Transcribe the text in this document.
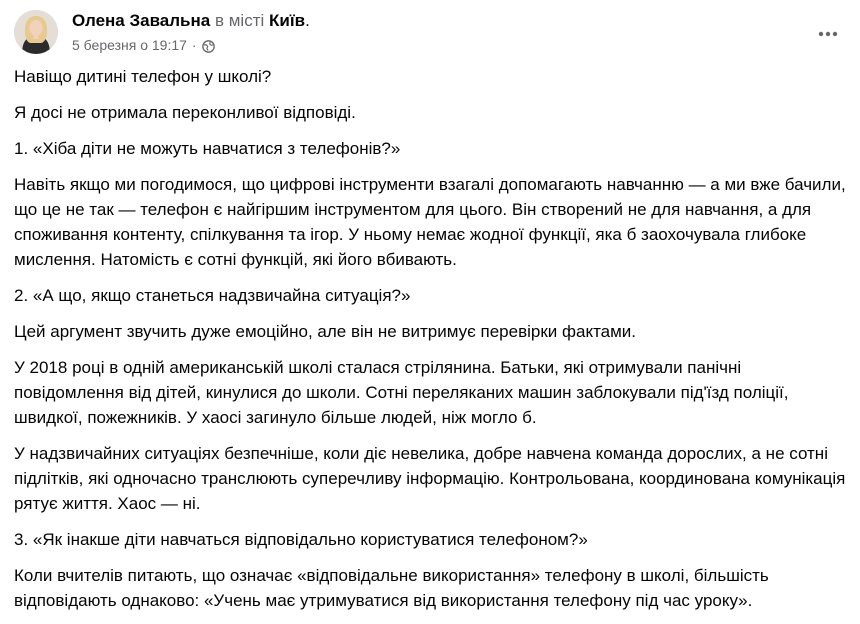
Олена Завальна в місті Київ.
5 березня о 19:17 ·

Навіщо дитині телефон у школі?

Я досі не отримала переконливої відповіді.

1. «Хіба діти не можуть навчатися з телефонів?»

Навіть якщо ми погодимося, що цифрові інструменти взагалі допомагають навчанню — а ми вже бачили, що це не так — телефон є найгіршим інструментом для цього. Він створений не для навчання, а для споживання контенту, спілкування та ігор. У ньому немає жодної функції, яка б заохочувала глибоке мислення. Натомість є сотні функцій, які його вбивають.

2. «А що, якщо станеться надзвичайна ситуація?»

Цей аргумент звучить дуже емоційно, але він не витримує перевірки фактами.

У 2018 році в одній американській школі сталася стрілянина. Батьки, які отримували панічні повідомлення від дітей, кинулися до школи. Сотні переляканих машин заблокували під'їзд поліції, швидкої, пожежників. У хаосі загинуло більше людей, ніж могло б.

У надзвичайних ситуаціях безпечніше, коли діє невелика, добре навчена команда дорослих, а не сотні підлітків, які одночасно транслюють суперечливу інформацію. Контрольована, координована комунікація рятує життя. Хаос — ні.

3. «Як інакше діти навчаться відповідально користуватися телефоном?»

Коли вчителів питають, що означає «відповідальне використання» телефону в школі, більшість відповідають однаково: «Учень має утримуватися від використання телефону під час уроку».
